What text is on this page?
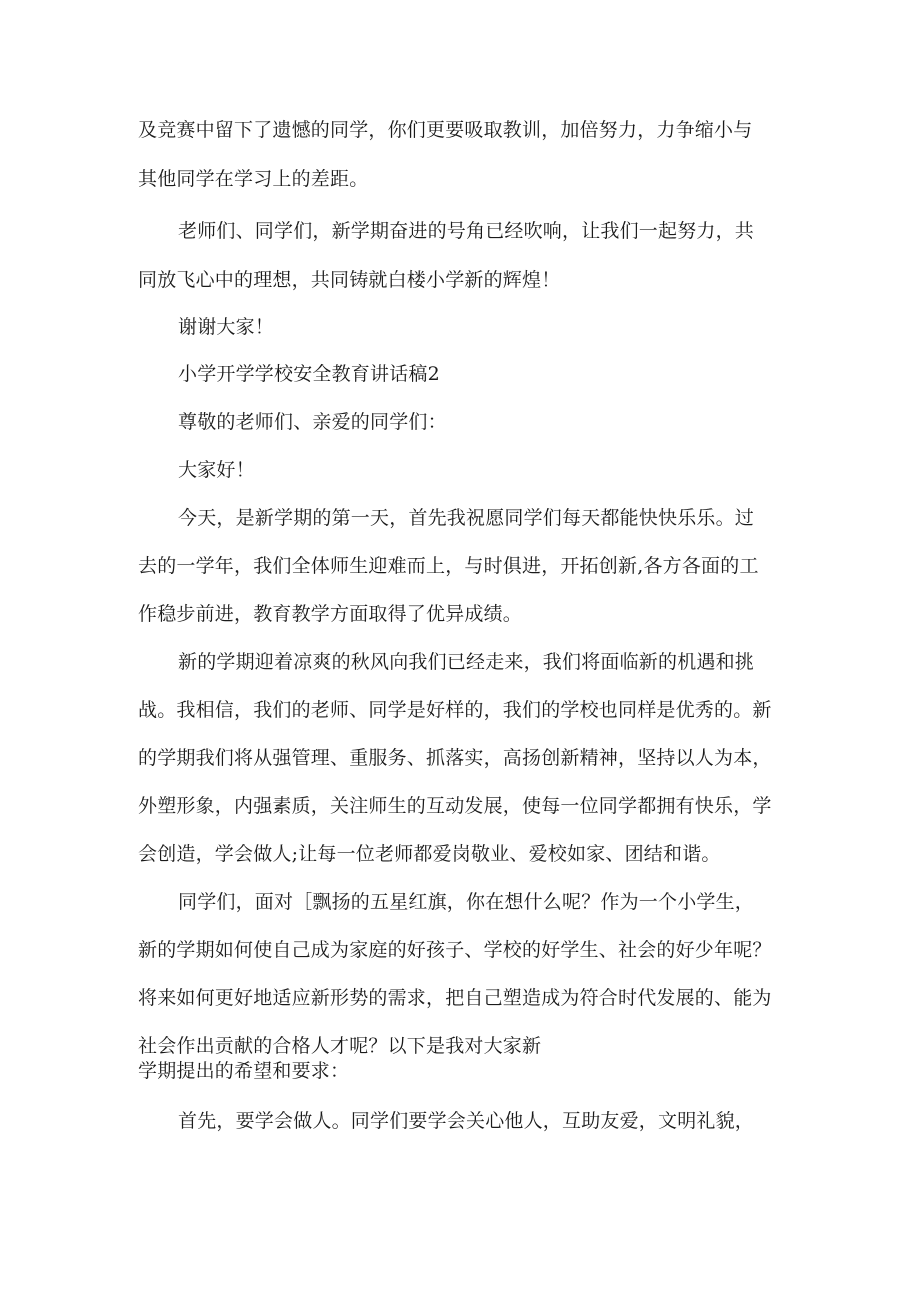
及竞赛中留下了遗憾的同学，你们更要吸取教训，加倍努力，力争缩小与
其他同学在学习上的差距。
老师们、同学们，新学期奋进的号角已经吹响，让我们一起努力，共
同放飞心中的理想，共同铸就白楼小学新的辉煌！
谢谢大家！
小学开学学校安全教育讲话稿2
尊敬的老师们、亲爱的同学们：
大家好！
今天，是新学期的第一天，首先我祝愿同学们每天都能快快乐乐。过
去的一学年，我们全体师生迎难而上，与时俱进，开拓创新,各方各面的工
作稳步前进，教育教学方面取得了优异成绩。
新的学期迎着凉爽的秋风向我们已经走来，我们将面临新的机遇和挑
战。我相信，我们的老师、同学是好样的，我们的学校也同样是优秀的。新
的学期我们将从强管理、重服务、抓落实，高扬创新精神，坚持以人为本，
外塑形象，内强素质，关注师生的互动发展，使每一位同学都拥有快乐，学
会创造，学会做人;让每一位老师都爱岗敬业、爱校如家、团结和谐。
同学们，面对［飘扬的五星红旗，你在想什么呢？作为一个小学生，
新的学期如何使自己成为家庭的好孩子、学校的好学生、社会的好少年呢？
将来如何更好地适应新形势的需求，把自己塑造成为符合时代发展的、能为
社会作出贡献的合格人才呢？以下是我对大家新
学期提出的希望和要求：
首先，要学会做人。同学们要学会关心他人，互助友爱，文明礼貌，
